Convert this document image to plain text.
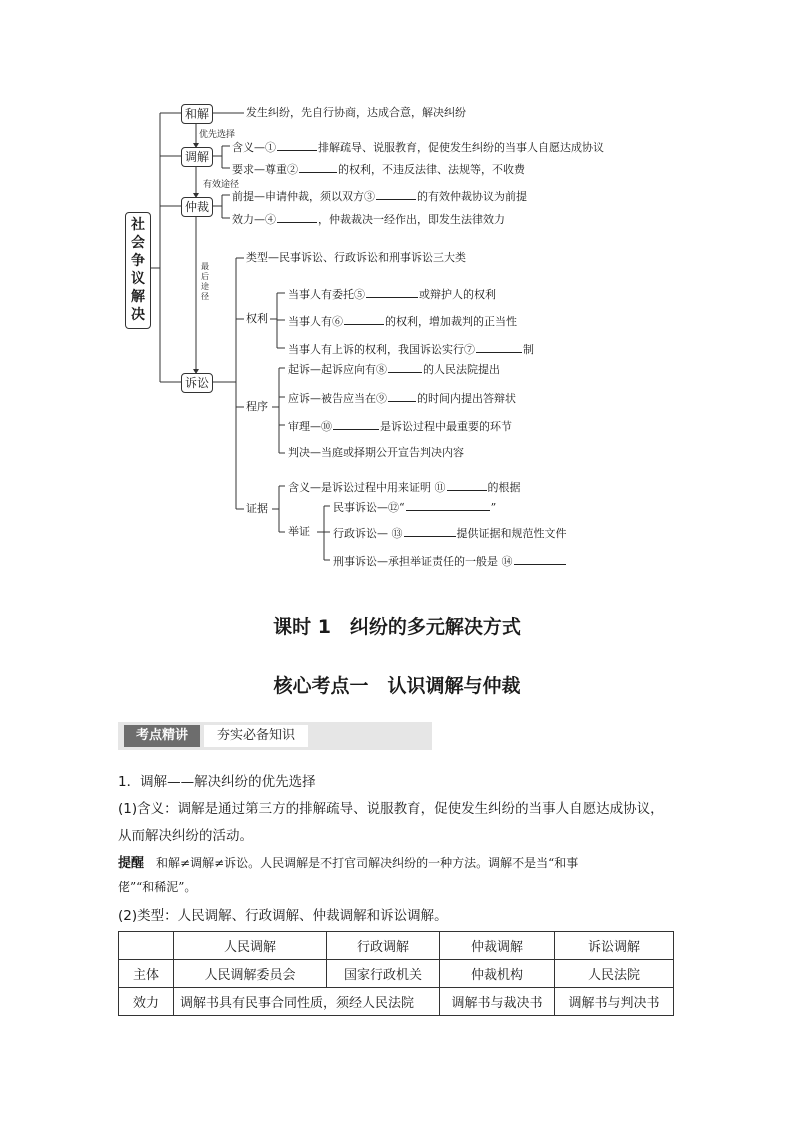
社
会
争
议
解
决
和解	发生纠纷，先自行协商，达成合意，解决纠纷
优先选择
调解
含义—①	排解疏导、说服教育，促使发生纠纷的当事人自愿达成协议
要求—尊重②	的权利，不违反法律、法规等，不收费
有效途径
仲裁
前提—申请仲裁，须以双方③	的有效仲裁协议为前提
效力—④	，仲裁裁决一经作出，即发生法律效力
最
后
途
径
诉讼
类型—民事诉讼、行政诉讼和刑事诉讼三大类
权利
当事人有委托⑤	或辩护人的权利
当事人有⑥	的权利，增加裁判的正当性
当事人有上诉的权利，我国诉讼实行⑦	制
程序
起诉—起诉应向有⑧	的人民法院提出
应诉—被告应当在⑨	的时间内提出答辩状
审理—⑩	是诉讼过程中最重要的环节
判决—当庭或择期公开宣告判决内容
证据
含义—是诉讼过程中用来证明 ⑪	的根据
举证
民事诉讼—⑫“	”
行政诉讼— ⑬	提供证据和规范性文件
刑事诉讼—承担举证责任的一般是 ⑭
课时 1　纠纷的多元解决方式
核心考点一　认识调解与仲裁
考点精讲	夯实必备知识
1．调解——解决纠纷的优先选择
(1)含义：调解是通过第三方的排解疏导、说服教育，促使发生纠纷的当事人自愿达成协议，
从而解决纠纷的活动。
提醒 和解≠调解≠诉讼。人民调解是不打官司解决纠纷的一种方法。调解不是当“和事
佬”“和稀泥”。
(2)类型：人民调解、行政调解、仲裁调解和诉讼调解。
	人民调解	行政调解	仲裁调解	诉讼调解
主体	人民调解委员会	国家行政机关	仲裁机构	人民法院
效力	调解书具有民事合同性质，须经人民法院		调解书与裁决书	调解书与判决书
